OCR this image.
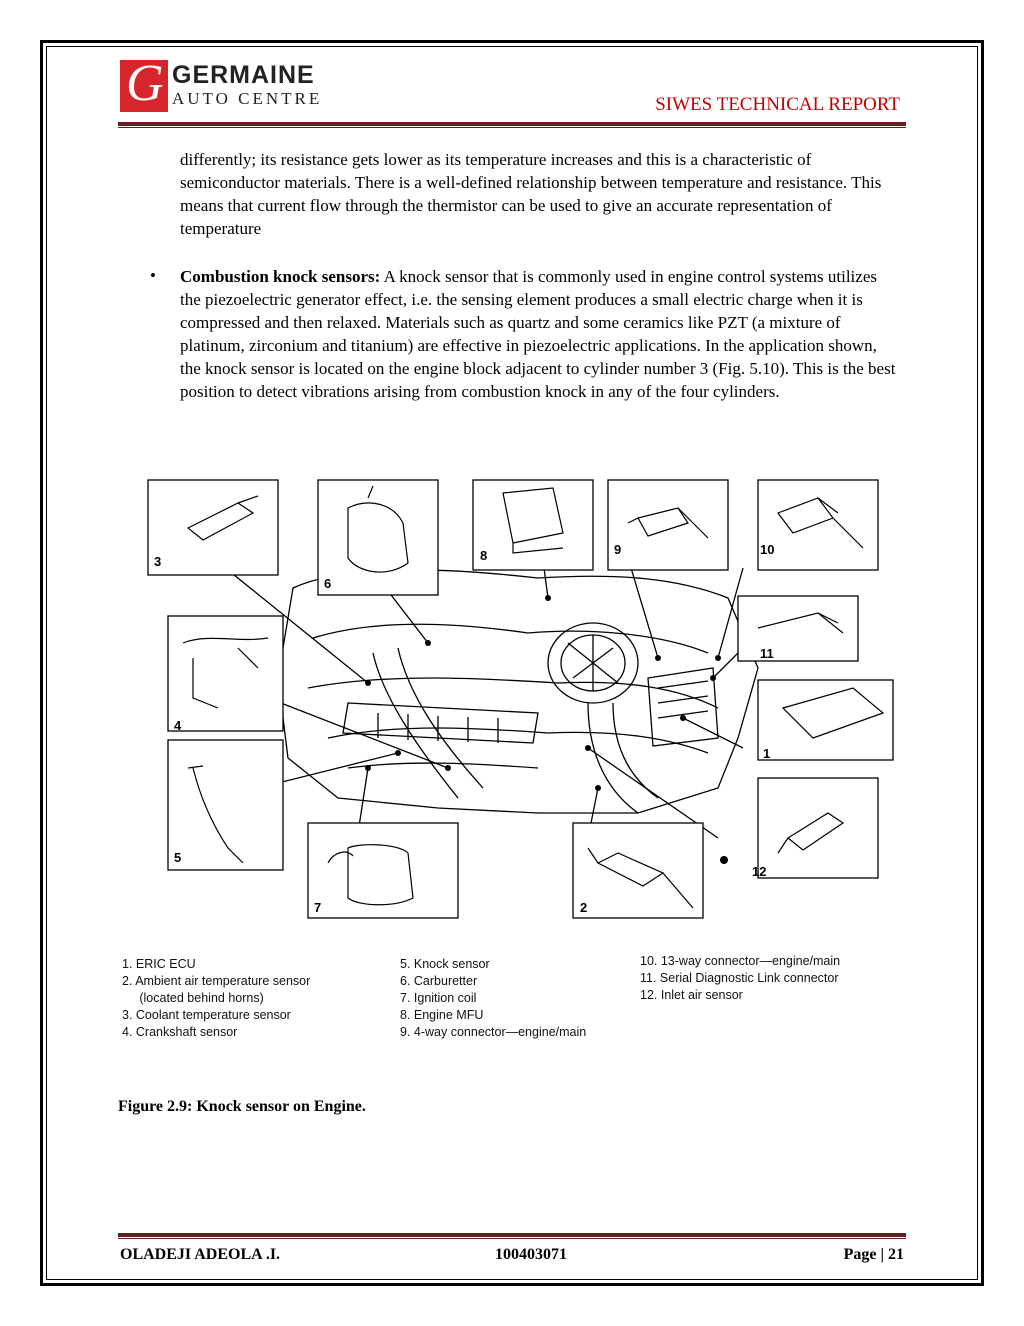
G GERMAINE
AUTO CENTRE	SIWES TECHNICAL REPORT
differently; its resistance gets lower as its temperature increases and this is a characteristic of semiconductor materials. There is a well-defined relationship between temperature and resistance. This means that current flow through the thermistor can be used to give an accurate representation of temperature
• Combustion knock sensors: A knock sensor that is commonly used in engine control systems utilizes the piezoelectric generator effect, i.e. the sensing element produces a small electric charge when it is compressed and then relaxed. Materials such as quartz and some ceramics like PZT (a mixture of platinum, zirconium and titanium) are effective in piezoelectric applications. In the application shown, the knock sensor is located on the engine block adjacent to cylinder number 3 (Fig. 5.10). This is the best position to detect vibrations arising from combustion knock in any of the four cylinders.
3
6
8	9	10
11
4
1
5
7	2
12
1. ERIC ECU
2. Ambient air temperature sensor
(located behind horns)
3. Coolant temperature sensor
4. Crankshaft sensor
5. Knock sensor
6. Carburetter
7. Ignition coil
8. Engine MFU
9. 4-way connector—engine/main
10. 13-way connector—engine/main
11. Serial Diagnostic Link connector
12. Inlet air sensor
Figure 2.9: Knock sensor on Engine.
OLADEJI ADEOLA .I.	100403071	Page | 21
